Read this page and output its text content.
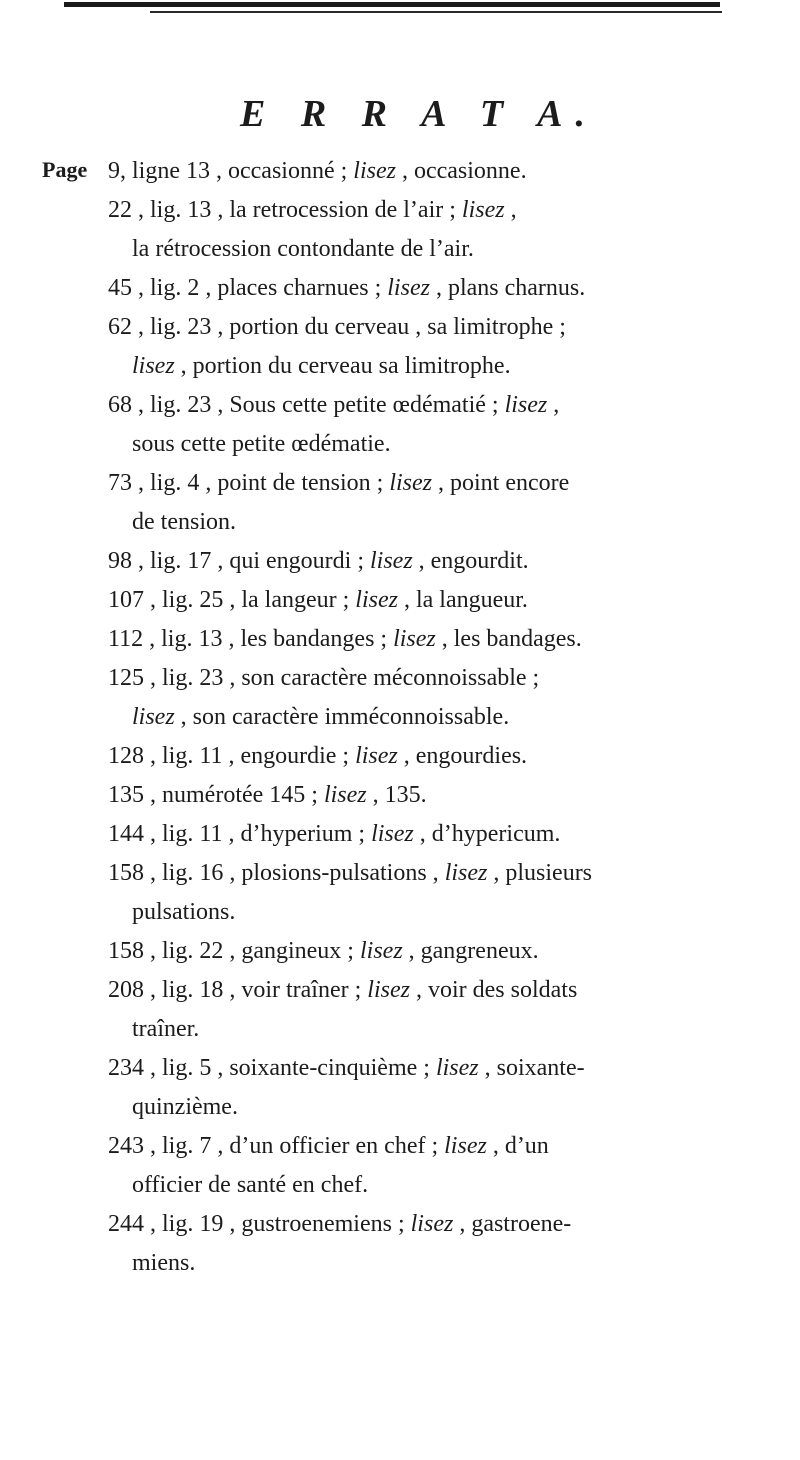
E R R A T A.
Page 9, ligne 13 , occasionné ; lisez , occasionne.
22 , lig. 13 , la retrocession de l’air ; lisez ,
la rétrocession contondante de l’air.
45 , lig. 2 , places charnues ; lisez , plans charnus.
62 , lig. 23 , portion du cerveau , sa limitrophe ;
lisez , portion du cerveau sa limitrophe.
68 , lig. 23 , Sous cette petite œdématié ; lisez ,
sous cette petite œdématie.
73 , lig. 4 , point de tension ; lisez , point encore
de tension.
98 , lig. 17 , qui engourdi ; lisez , engourdit.
107 , lig. 25 , la langeur ; lisez , la langueur.
112 , lig. 13 , les bandanges ; lisez , les bandages.
125 , lig. 23 , son caractère méconnoissable ;
lisez , son caractère imméconnoissable.
128 , lig. 11 , engourdie ; lisez , engourdies.
135 , numérotée 145 ; lisez , 135.
144 , lig. 11 , d’hyperium ; lisez , d’hypericum.
158 , lig. 16 , plosions-pulsations , lisez , plusieurs
pulsations.
158 , lig. 22 , gangineux ; lisez , gangreneux.
208 , lig. 18 , voir traîner ; lisez , voir des soldats
traîner.
234 , lig. 5 , soixante-cinquième ; lisez , soixante-
quinzième.
243 , lig. 7 , d’un officier en chef ; lisez , d’un
officier de santé en chef.
244 , lig. 19 , gustroenemiens ; lisez , gastroene-
miens.
